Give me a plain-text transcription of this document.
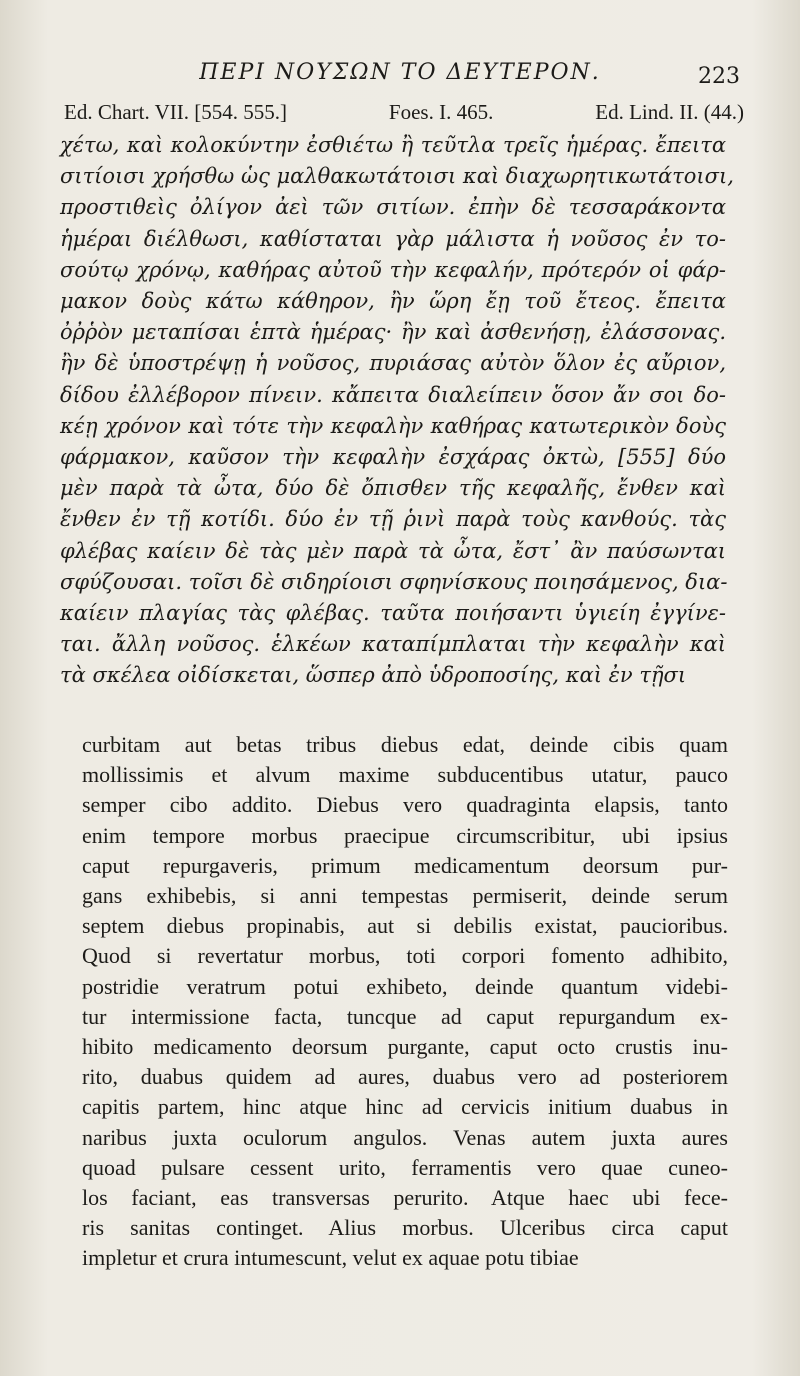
ΠΕΡΙ ΝΟΥΣΩΝ ΤΟ ΔΕΥΤΕΡΟΝ.	223
Ed. Chart. VII. [554. 555.]	Foes. I. 465.	Ed. Lind. II. (44.)
χέτω, καὶ κολοκύντην ἐσθιέτω ἢ τεῦτλα τρεῖς ἡμέρας. ἔπειτα
σιτίοισι χρήσθω ὡς μαλθακωτάτοισι καὶ διαχωρητικωτάτοισι,
προστιθεὶς ὀλίγον ἀεὶ τῶν σιτίων. ἐπὴν δὲ τεσσαράκοντα
ἡμέραι διέλθωσι, καθίσταται γὰρ μάλιστα ἡ νοῦσος ἐν το-
σούτῳ χρόνῳ, καθήρας αὐτοῦ τὴν κεφαλήν, πρότερόν οἱ φάρ-
μακον δοὺς κάτω κάθηρον, ἢν ὥρη ἔῃ τοῦ ἔτεος. ἔπειτα
ὀῤῥὸν μεταπίσαι ἑπτὰ ἡμέρας· ἢν καὶ ἀσθενήσῃ, ἐλάσσονας.
ἢν δὲ ὑποστρέψῃ ἡ νοῦσος, πυριάσας αὐτὸν ὅλον ἐς αὔριον,
δίδου ἐλλέβορον πίνειν. κἄπειτα διαλείπειν ὅσον ἄν σοι δο-
κέῃ χρόνον καὶ τότε τὴν κεφαλὴν καθήρας κατωτερικὸν δοὺς
φάρμακον, καῦσον τὴν κεφαλὴν ἐσχάρας ὀκτὼ, [555] δύο
μὲν παρὰ τὰ ὦτα, δύο δὲ ὄπισθεν τῆς κεφαλῆς, ἔνθεν καὶ
ἔνθεν ἐν τῇ κοτίδι. δύο ἐν τῇ ῥινὶ παρὰ τοὺς κανθούς. τὰς
φλέβας καίειν δὲ τὰς μὲν παρὰ τὰ ὦτα, ἔστ᾽ ἂν παύσωνται
σφύζουσαι. τοῖσι δὲ σιδηρίοισι σφηνίσκους ποιησάμενος, δια-
καίειν πλαγίας τὰς φλέβας. ταῦτα ποιήσαντι ὑγιείη ἐγγίνε-
ται. ἄλλη νοῦσος. ἑλκέων καταπίμπλαται τὴν κεφαλὴν καὶ
τὰ σκέλεα οἰδίσκεται, ὥσπερ ἀπὸ ὑδροποσίης, καὶ ἐν τῇσι
curbitam aut betas tribus diebus edat, deinde cibis quam
mollissimis et alvum maxime subducentibus utatur, pauco
semper cibo addito. Diebus vero quadraginta elapsis, tanto
enim tempore morbus praecipue circumscribitur, ubi ipsius
caput repurgaveris, primum medicamentum deorsum pur-
gans exhibebis, si anni tempestas permiserit, deinde serum
septem diebus propinabis, aut si debilis existat, paucioribus.
Quod si revertatur morbus, toti corpori fomento adhibito,
postridie veratrum potui exhibeto, deinde quantum videbi-
tur intermissione facta, tuncque ad caput repurgandum ex-
hibito medicamento deorsum purgante, caput octo crustis inu-
rito, duabus quidem ad aures, duabus vero ad posteriorem
capitis partem, hinc atque hinc ad cervicis initium duabus in
naribus juxta oculorum angulos. Venas autem juxta aures
quoad pulsare cessent urito, ferramentis vero quae cuneo-
los faciant, eas transversas perurito. Atque haec ubi fece-
ris sanitas continget. Alius morbus. Ulceribus circa caput
impletur et crura intumescunt, velut ex aquae potu tibiae
